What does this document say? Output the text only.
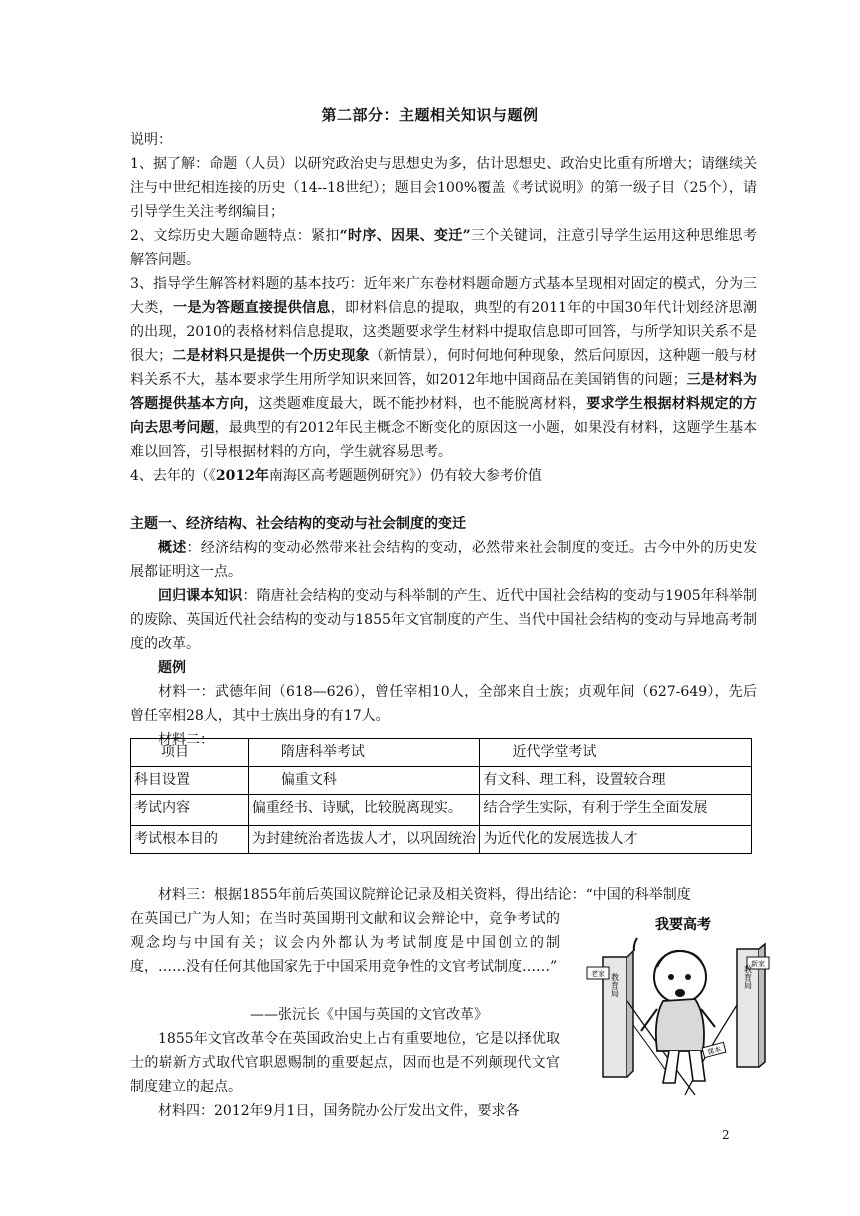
第二部分：主题相关知识与题例
说明：
1、据了解：命题（人员）以研究政治史与思想史为多，估计思想史、政治史比重有所增大；请继续关注与中世纪相连接的历史（14--18世纪）；题目会100%覆盖《考试说明》的第一级子目（25个），请引导学生关注考纲编目；
2、文综历史大题命题特点：紧扣“时序、因果、变迁”三个关键词，注意引导学生运用这种思维思考解答问题。
3、指导学生解答材料题的基本技巧：近年来广东卷材料题命题方式基本呈现相对固定的模式，分为三大类，一是为答题直接提供信息，即材料信息的提取，典型的有2011年的中国30年代计划经济思潮的出现，2010的表格材料信息提取，这类题要求学生材料中提取信息即可回答，与所学知识关系不是很大；二是材料只是提供一个历史现象（新情景），何时何地何种现象，然后问原因，这种题一般与材料关系不大，基本要求学生用所学知识来回答，如2012年地中国商品在美国销售的问题；三是材料为答题提供基本方向，这类题难度最大，既不能抄材料，也不能脱离材料，要求学生根据材料规定的方向去思考问题，最典型的有2012年民主概念不断变化的原因这一小题，如果没有材料，这题学生基本难以回答，引导根据材料的方向，学生就容易思考。
4、去年的（《2012年南海区高考题题例研究》）仍有较大参考价值
主题一、经济结构、社会结构的变动与社会制度的变迁
概述：经济结构的变动必然带来社会结构的变动，必然带来社会制度的变迁。古今中外的历史发展都证明这一点。
回归课本知识：隋唐社会结构的变动与科举制的产生、近代中国社会结构的变动与1905年科举制的废除、英国近代社会结构的变动与1855年文官制度的产生、当代中国社会结构的变动与异地高考制度的改革。
题例
材料一：武德年间（618—626），曾任宰相10人，全部来自士族；贞观年间（627-649），先后曾任宰相28人，其中士族出身的有17人。
材料二：
项目	隋唐科举考试	近代学堂考试
科目设置	偏重文科	有文科、理工科，设置较合理
考试内容	偏重经书、诗赋，比较脱离现实。	结合学生实际，有利于学生全面发展
考试根本目的	为封建统治者选拔人才，以巩固统治	为近代化的发展选拔人才
材料三：根据1855年前后英国议院辩论记录及相关资料，得出结论：“中国的科举制度
在英国已广为人知；在当时英国期刊文献和议会辩论中，竞争考试的观念均与中国有关；议会内外都认为考试制度是中国创立的制度，……没有任何其他国家先于中国采用竞争性的文官考试制度……”
——张沅长《中国与英国的文官改革》
1855年文官改革令在英国政治史上占有重要地位，它是以择优取士的崭新方式取代官职恩赐制的重要起点，因而也是不列颠现代文官制度建立的起点。
材料四：2012年9月1日，国务院办公厅发出文件，要求各
我要高考
老家 教育局
新家
教育局
课本
2
